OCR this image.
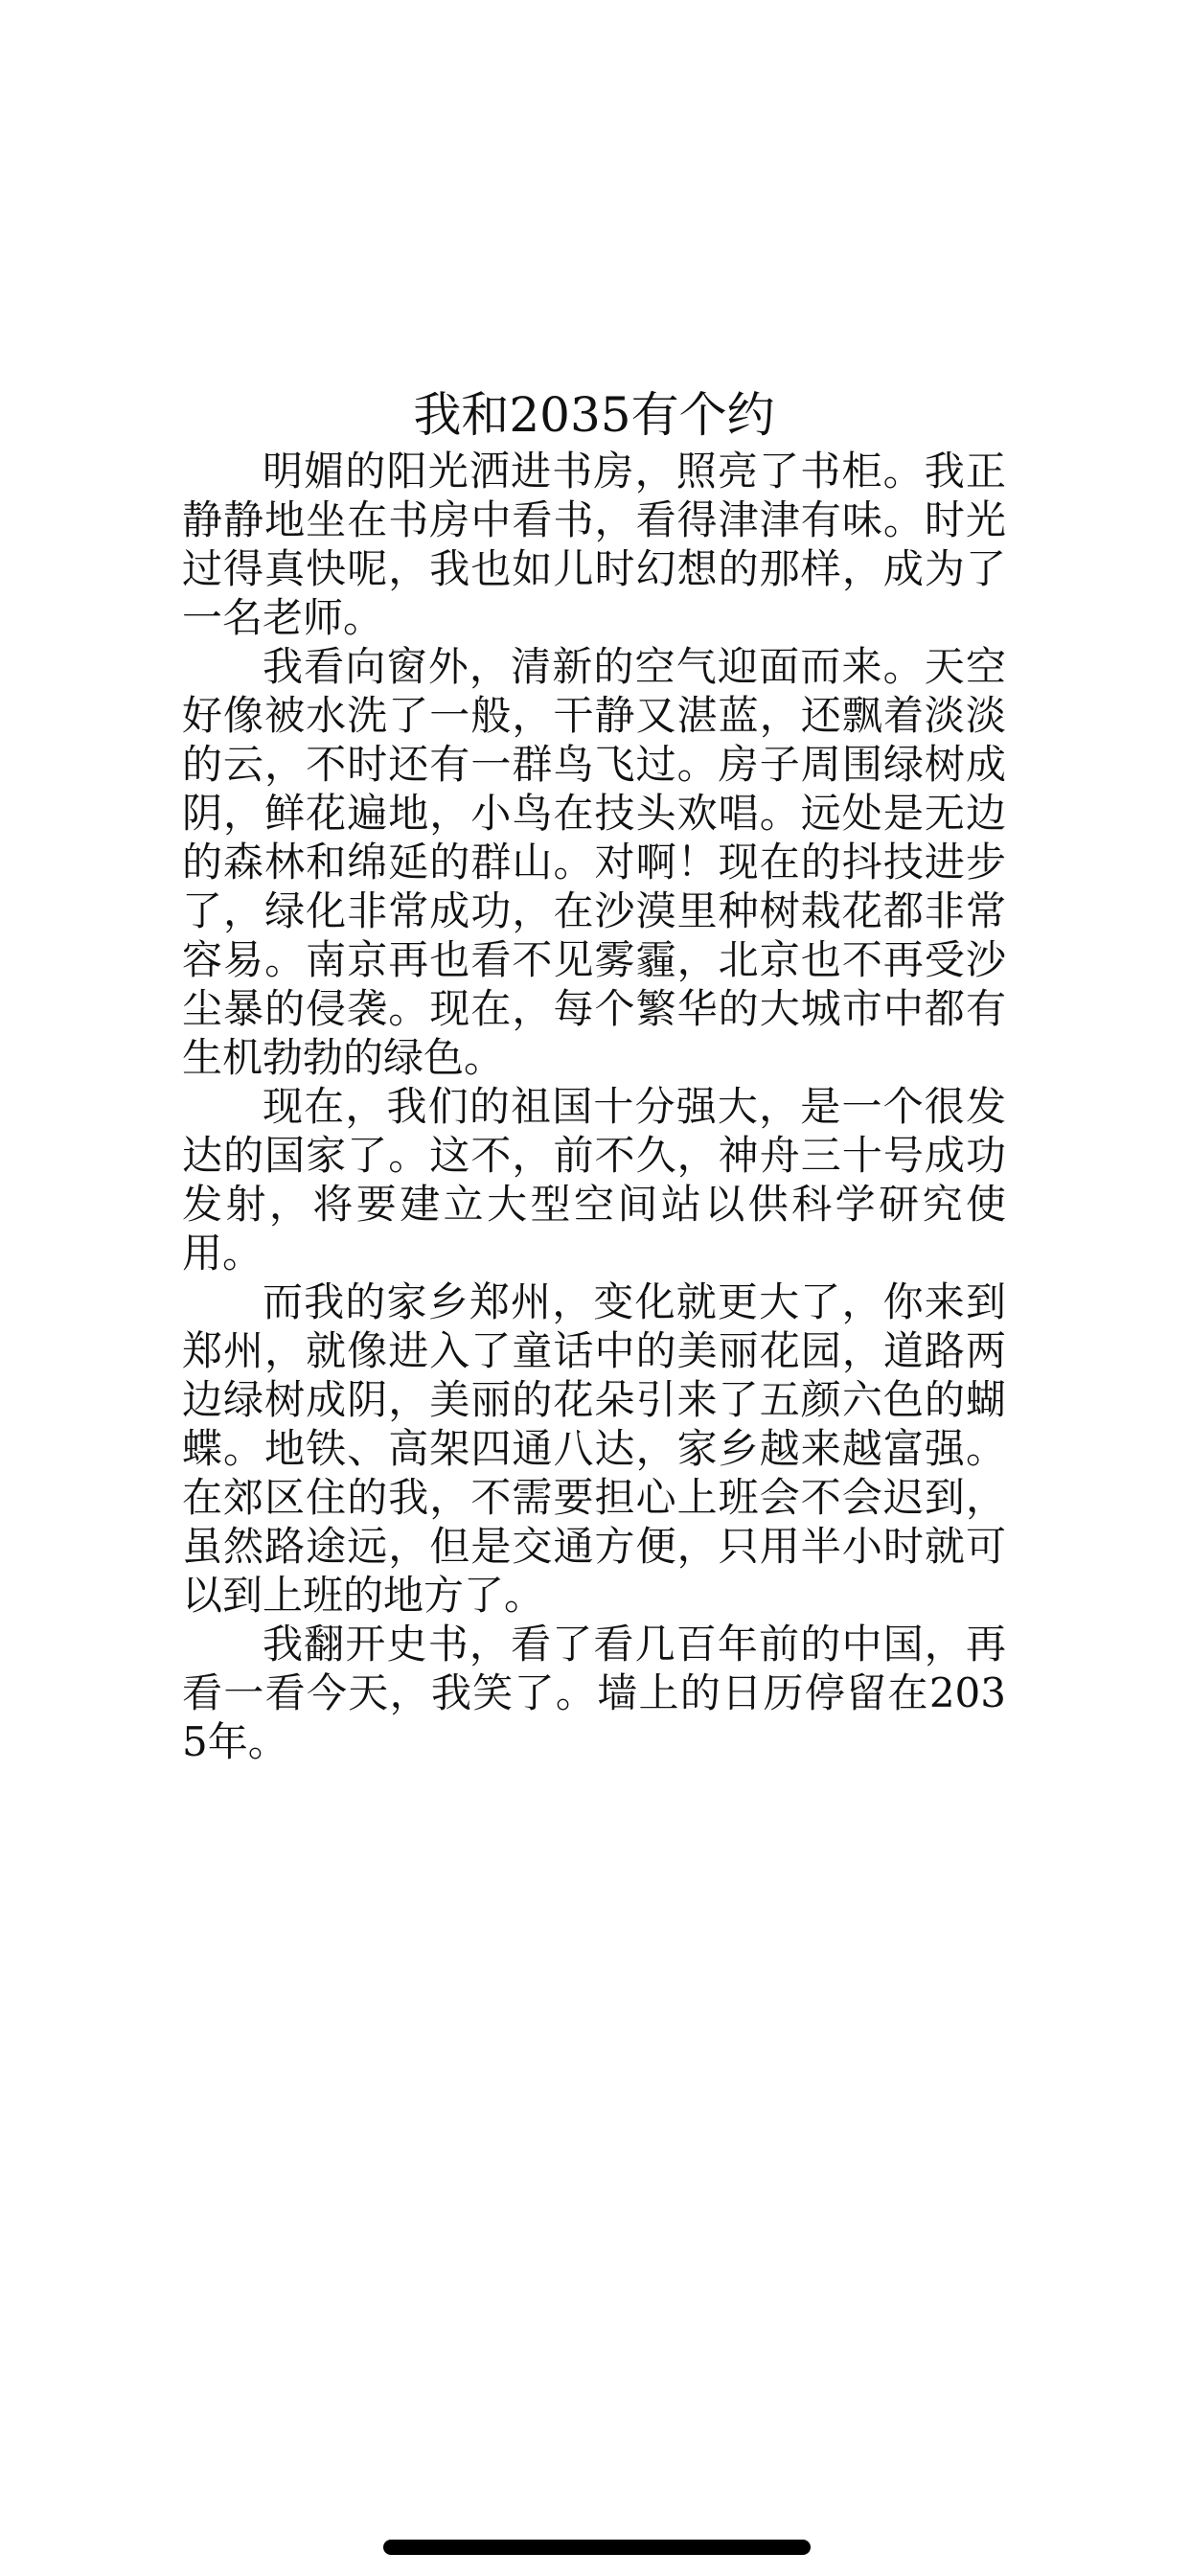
我和2035有个约

明媚的阳光洒进书房，照亮了书柜。我正静静地坐在书房中看书，看得津津有味。时光过得真快呢，我也如儿时幻想的那样，成为了一名老师。

我看向窗外，清新的空气迎面而来。天空好像被水洗了一般，干静又湛蓝，还飘着淡淡的云，不时还有一群鸟飞过。房子周围绿树成阴，鲜花遍地，小鸟在技头欢唱。远处是无边的森林和绵延的群山。对啊！现在的抖技进步了，绿化非常成功，在沙漠里种树栽花都非常容易。南京再也看不见雾霾，北京也不再受沙尘暴的侵袭。现在，每个繁华的大城市中都有生机勃勃的绿色。

现在，我们的祖国十分强大，是一个很发达的国家了。这不，前不久，神舟三十号成功发射，将要建立大型空间站以供科学研究使用。

而我的家乡郑州，变化就更大了，你来到郑州，就像进入了童话中的美丽花园，道路两边绿树成阴，美丽的花朵引来了五颜六色的蝴蝶。地铁、高架四通八达，家乡越来越富强。在郊区住的我，不需要担心上班会不会迟到，虽然路途远，但是交通方便，只用半小时就可以到上班的地方了。

我翻开史书，看了看几百年前的中国，再看一看今天，我笑了。墙上的日历停留在2035年。
